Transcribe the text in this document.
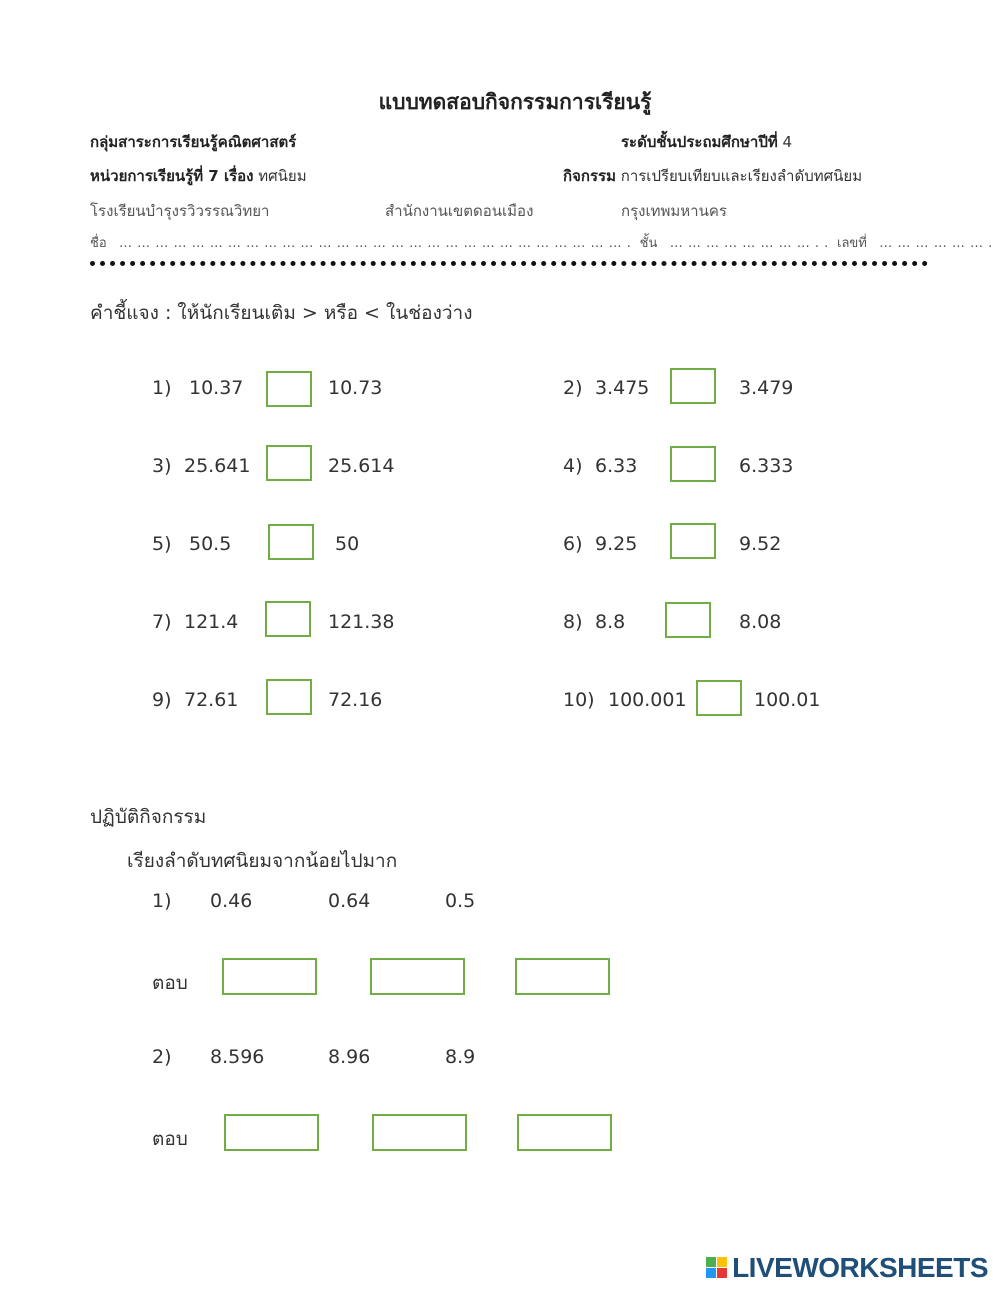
แบบทดสอบกิจกรรมการเรียนรู้
กลุ่มสาระการเรียนรู้คณิตศาสตร์	ระดับชั้นประถมศึกษาปีที่ 4
หน่วยการเรียนรู้ที่ 7 เรื่อง ทศนิยม	กิจกรรม การเปรียบเทียบและเรียงลำดับทศนิยม
โรงเรียนบำรุงรวิวรรณวิทยา	สำนักงานเขตดอนเมือง	กรุงเทพมหานคร
ชื่อ … … … … … … … … … … … … … … … … … … … … … … … … … … … … . ชั้น … … … … … … … … . . เลขที่ … … … … … … .
คำชี้แจง : ให้นักเรียนเติม > หรือ < ในช่องว่าง
1) 10.37	10.73
3) 25.641	25.614
5) 50.5	50
7) 121.4	121.38
9) 72.61	72.16
2) 3.475	3.479
4) 6.33	6.333
6) 9.25	9.52
8) 8.8	8.08
10) 100.001	100.01
ปฏิบัติกิจกรรม
เรียงลำดับทศนิยมจากน้อยไปมาก
1) 0.46	0.64	0.5
ตอบ
2) 8.596	8.96	8.9
ตอบ
LIVEWORKSHEETS
